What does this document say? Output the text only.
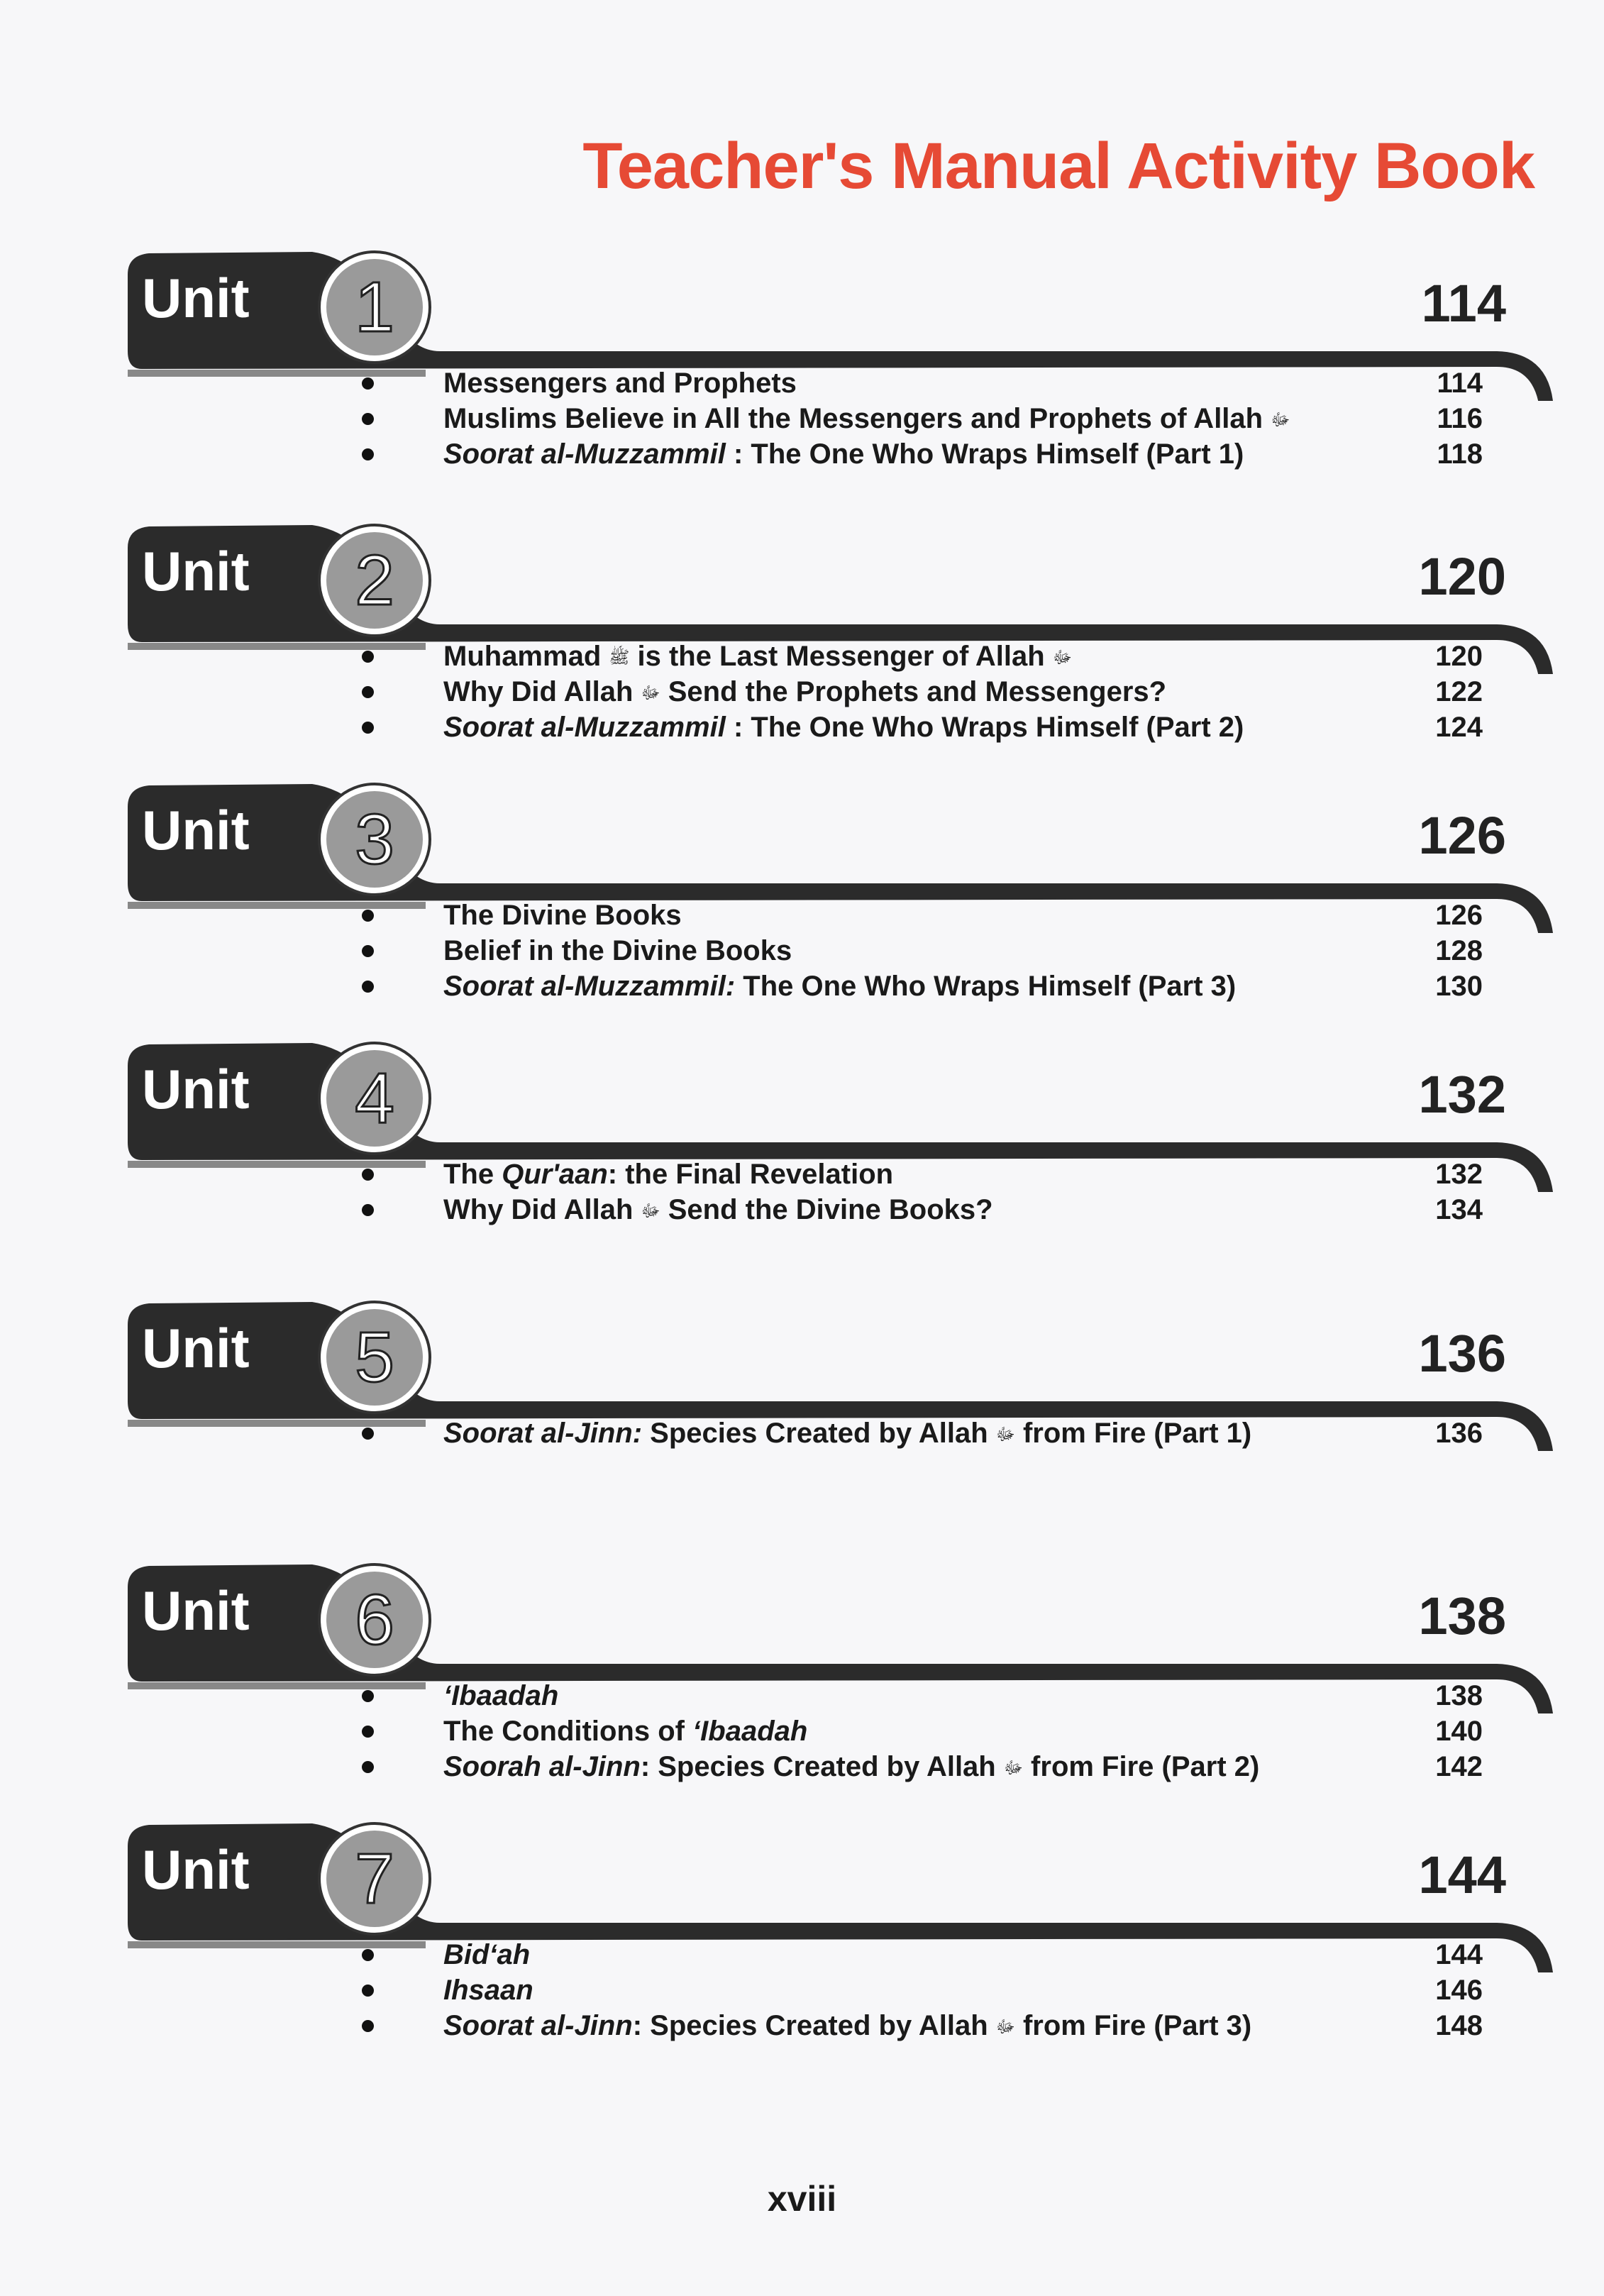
Teacher's Manual Activity Book
Unit 1	114

Messengers and Prophets	114
Muslims Believe in All the Messengers and Prophets of Allah ﷻ	116
Soorat al-Muzzammil : The One Who Wraps Himself (Part 1)	118
Unit 2	120

Muhammad ﷺ is the Last Messenger of Allah ﷻ	120
Why Did Allah ﷻ Send the Prophets and Messengers?	122
Soorat al-Muzzammil : The One Who Wraps Himself (Part 2)	124
Unit 3	126

The Divine Books	126
Belief in the Divine Books	128
Soorat al-Muzzammil: The One Who Wraps Himself (Part 3)	130
Unit 4	132

The Qur'aan: the Final Revelation	132
Why Did Allah ﷻ Send the Divine Books?	134
Unit 5	136

Soorat al-Jinn: Species Created by Allah ﷻ from Fire (Part 1)	136
Unit 6	138

‘Ibaadah	138
The Conditions of ‘Ibaadah	140
Soorah al-Jinn: Species Created by Allah ﷻ from Fire (Part 2)	142
Unit 7	144

Bid‘ah	144
Ihsaan	146
Soorat al-Jinn: Species Created by Allah ﷻ from Fire (Part 3)	148

xviii
